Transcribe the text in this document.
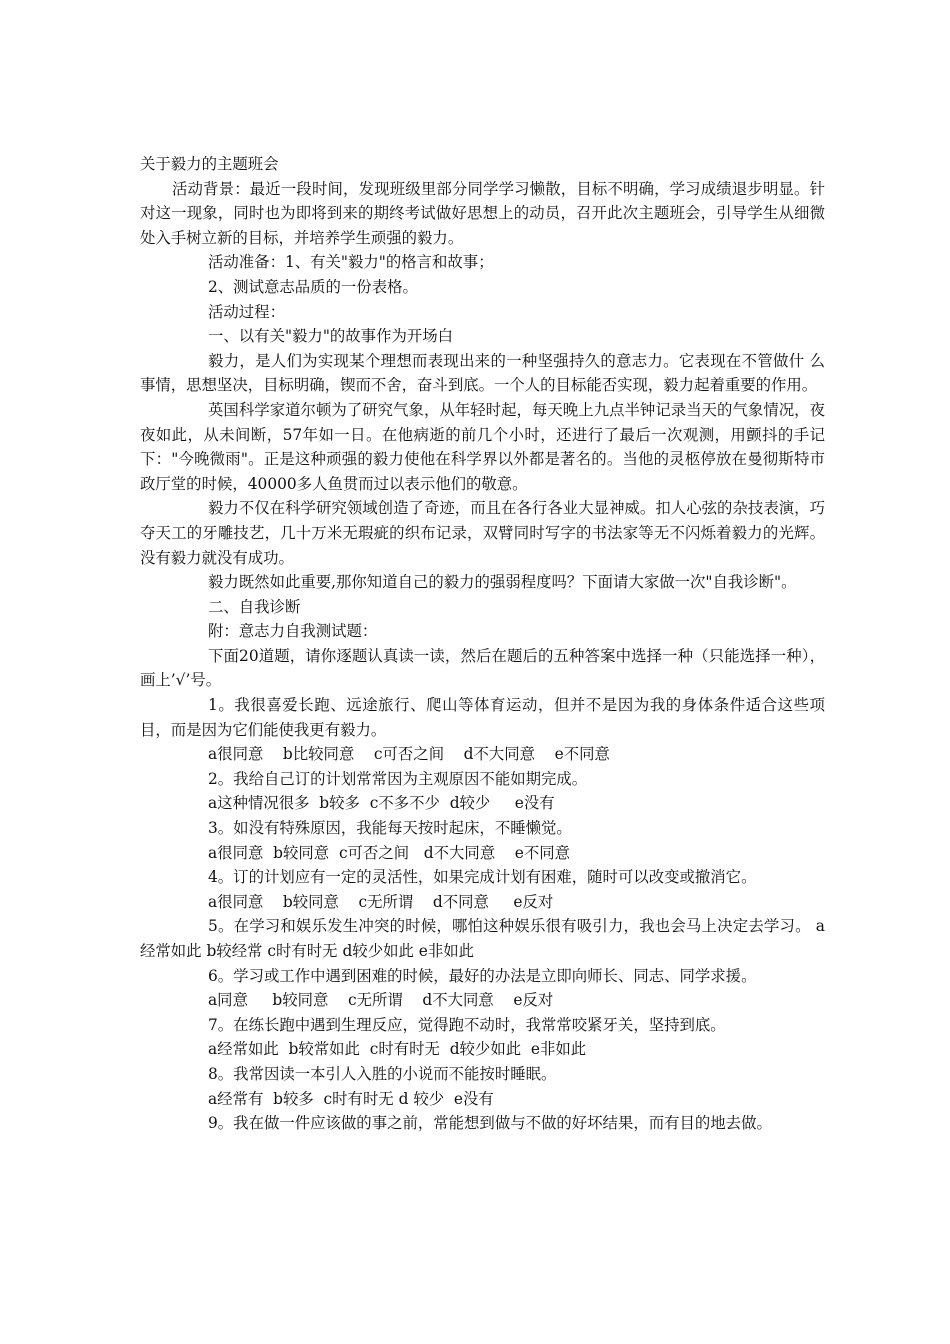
关于毅力的主题班会

活动背景：最近一段时间，发现班级里部分同学学习懒散，目标不明确，学习成绩退步明显。针对这一现象，同时也为即将到来的期终考试做好思想上的动员，召开此次主题班会，引导学生从细微处入手树立新的目标，并培养学生顽强的毅力。

活动准备：1、有关"毅力"的格言和故事；

2、测试意志品质的一份表格。

活动过程：

一、以有关"毅力"的故事作为开场白

毅力，是人们为实现某个理想而表现出来的一种坚强持久的意志力。它表现在不管做什 么事情，思想坚决，目标明确，锲而不舍，奋斗到底。一个人的目标能否实现，毅力起着重要的作用。

英国科学家道尔顿为了研究气象，从年轻时起，每天晚上九点半钟记录当天的气象情况，夜夜如此，从未间断，57年如一日。在他病逝的前几个小时，还进行了最后一次观测，用颤抖的手记下："今晚微雨"。正是这种顽强的毅力使他在科学界以外都是著名的。当他的灵柩停放在曼彻斯特市政厅堂的时候，40000多人鱼贯而过以表示他们的敬意。

毅力不仅在科学研究领域创造了奇迹，而且在各行各业大显神威。扣人心弦的杂技表演，巧夺天工的牙雕技艺，几十万米无瑕疵的织布记录，双臂同时写字的书法家等无不闪烁着毅力的光辉。没有毅力就没有成功。

毅力既然如此重要,那你知道自己的毅力的强弱程度吗？下面请大家做一次"自我诊断"。

二、自我诊断

附：意志力自我测试题：

下面20道题，请你逐题认真读一读，然后在题后的五种答案中选择一种（只能选择一种），画上’√’号。

1。我很喜爱长跑、远途旅行、爬山等体育运动，但并不是因为我的身体条件适合这些项目，而是因为它们能使我更有毅力。

a很同意    b比较同意    c可否之间    d不大同意    e不同意

2。我给自己订的计划常常因为主观原因不能如期完成。

a这种情况很多  b较多  c不多不少  d较少     e没有

3。如没有特殊原因，我能每天按时起床，不睡懒觉。

a很同意  b较同意  c可否之间   d不大同意    e不同意

4。订的计划应有一定的灵活性，如果完成计划有困难，随时可以改变或撤消它。

a很同意    b较同意    c无所谓    d不同意     e反对

5。在学习和娱乐发生冲突的时候，哪怕这种娱乐很有吸引力，我也会马上决定去学习。 a经常如此 b较经常 c时有时无 d较少如此 e非如此

6。学习或工作中遇到困难的时候，最好的办法是立即向师长、同志、同学求援。

a同意     b较同意    c无所谓    d不大同意    e反对

7。在练长跑中遇到生理反应，觉得跑不动时，我常常咬紧牙关，坚持到底。

a经常如此  b较常如此  c时有时无  d较少如此  e非如此

8。我常因读一本引人入胜的小说而不能按时睡眠。

a经常有  b较多  c时有时无 d 较少  e没有

9。我在做一件应该做的事之前，常能想到做与不做的好坏结果，而有目的地去做。
